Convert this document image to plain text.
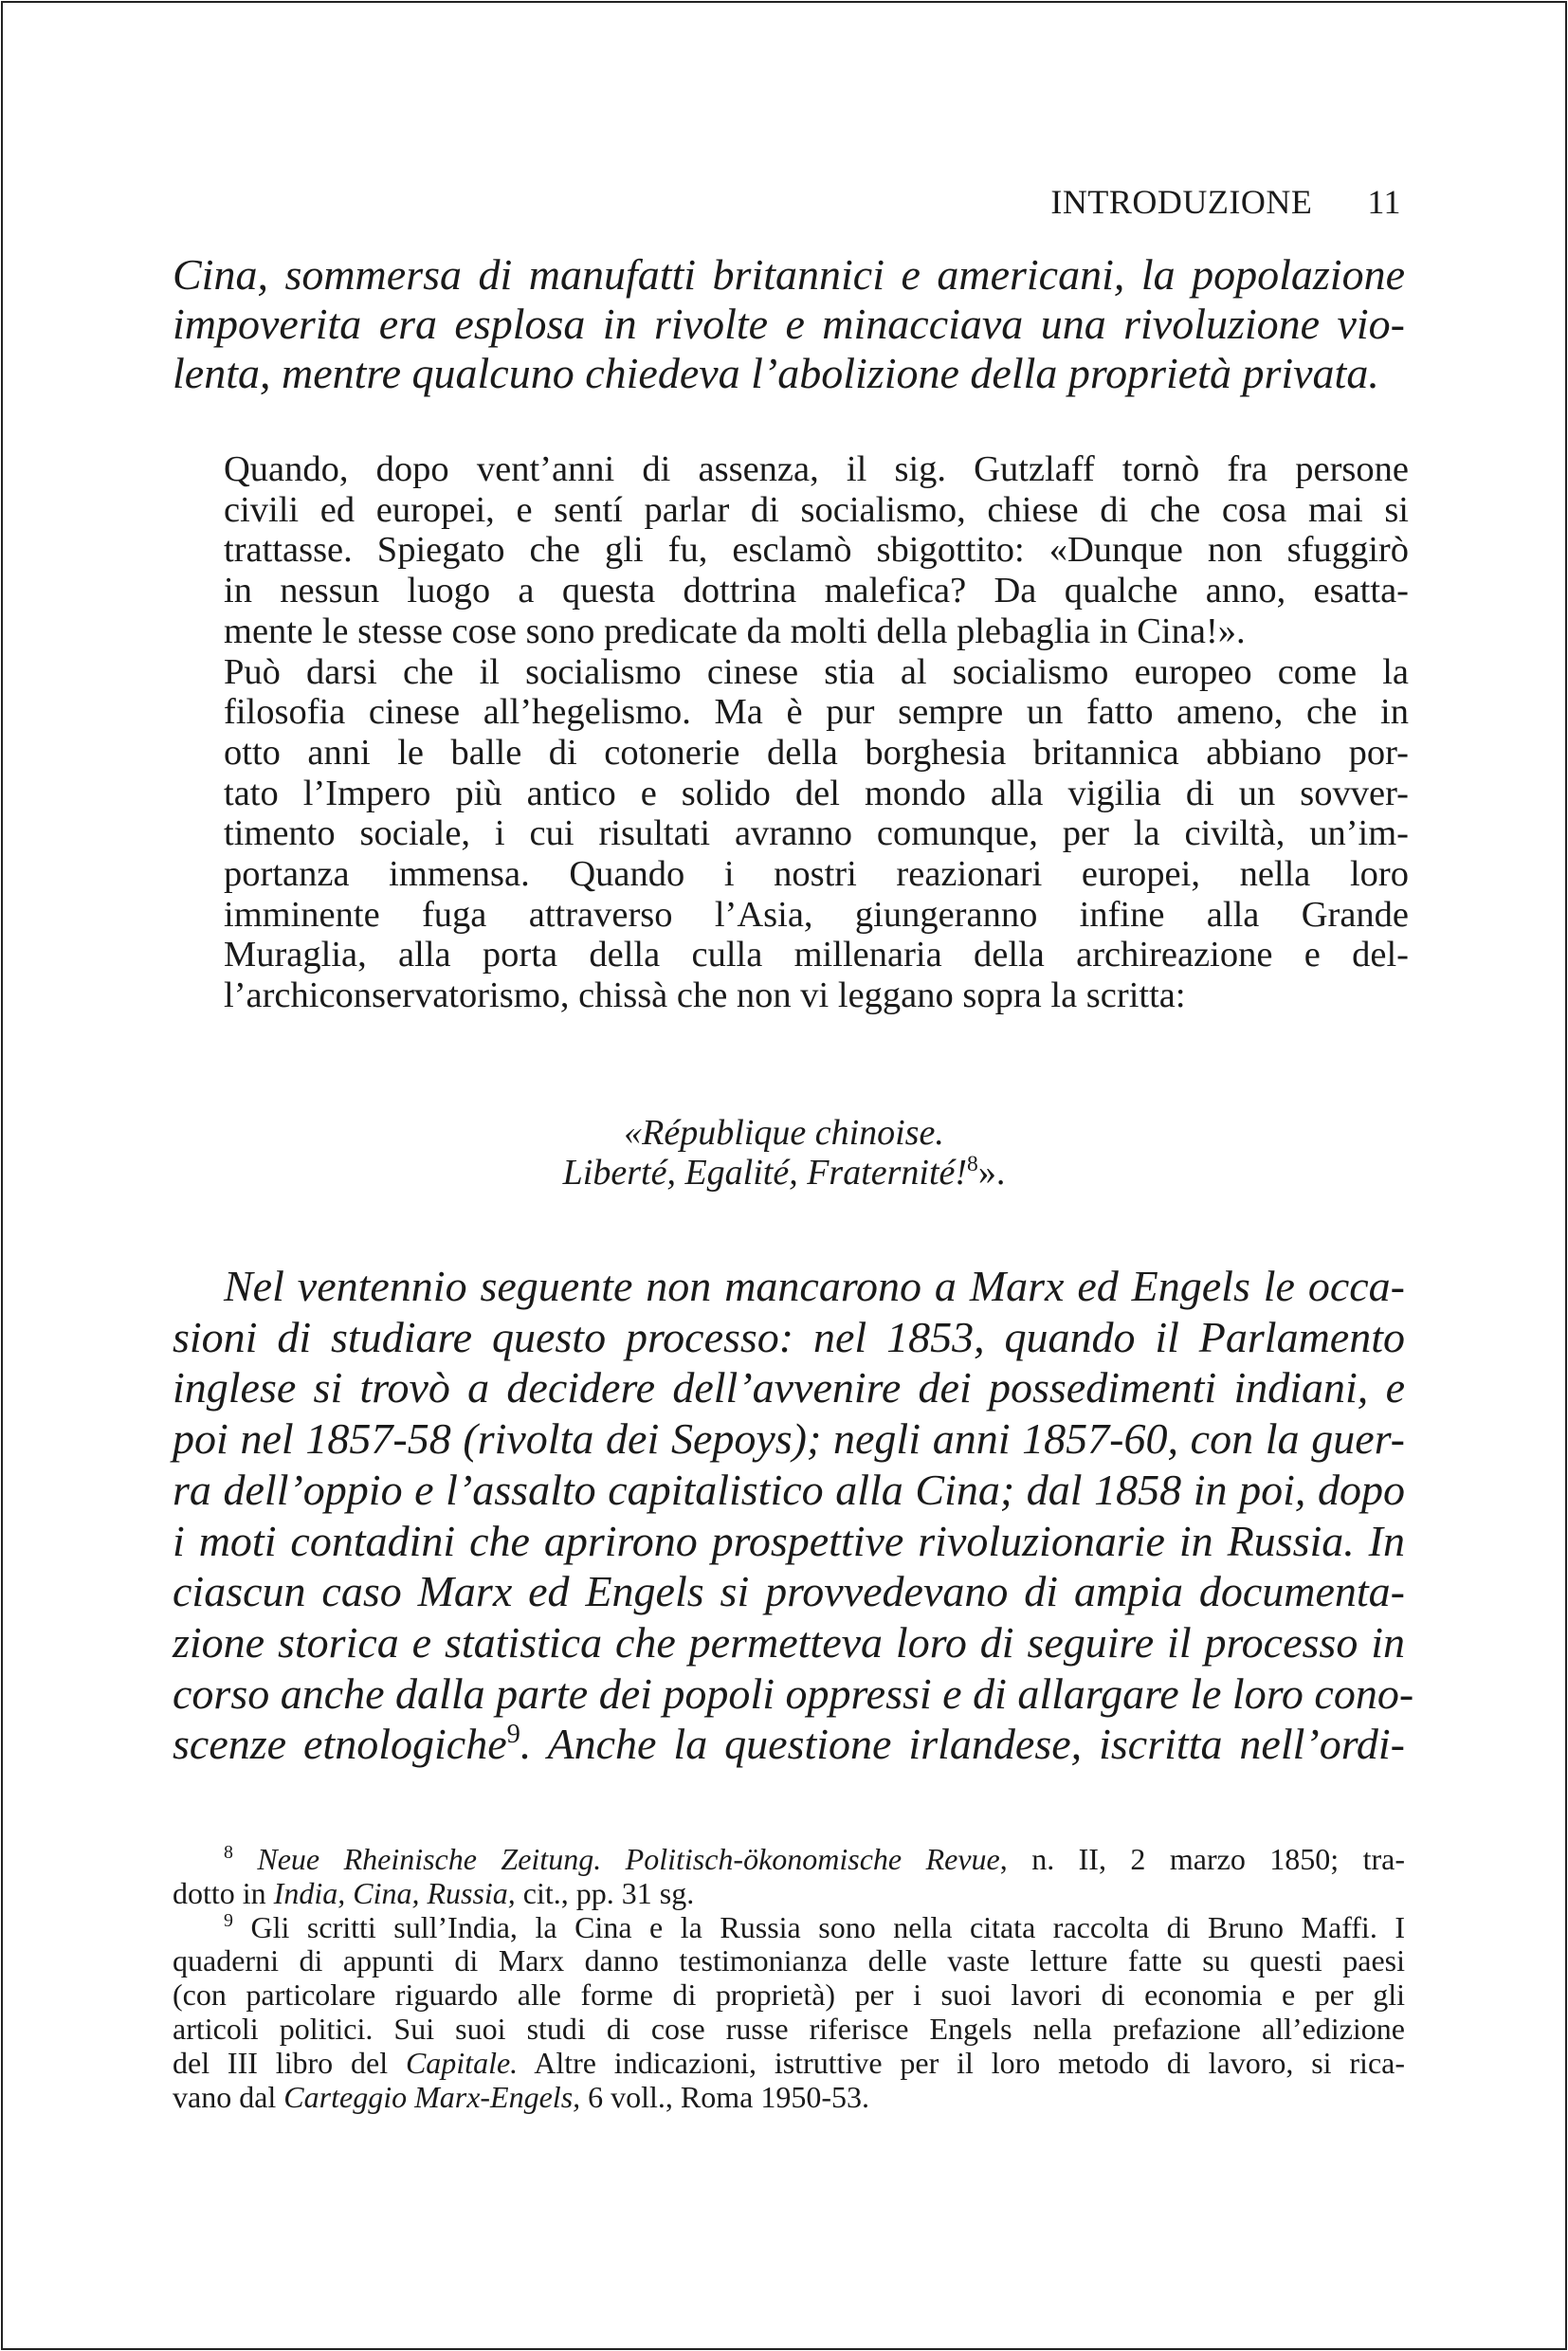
INTRODUZIONE 11
Cina, sommersa di manufatti britannici e americani, la popolazione
impoverita era esplosa in rivolte e minacciava una rivoluzione vio-
lenta, mentre qualcuno chiedeva l’abolizione della proprietà privata.
Quando, dopo vent’anni di assenza, il sig. Gutzlaff tornò fra persone
civili ed europei, e sentí parlar di socialismo, chiese di che cosa mai si
trattasse. Spiegato che gli fu, esclamò sbigottito: «Dunque non sfuggirò
in nessun luogo a questa dottrina malefica? Da qualche anno, esatta-
mente le stesse cose sono predicate da molti della plebaglia in Cina!».
Può darsi che il socialismo cinese stia al socialismo europeo come la
filosofia cinese all’hegelismo. Ma è pur sempre un fatto ameno, che in
otto anni le balle di cotonerie della borghesia britannica abbiano por-
tato l’Impero più antico e solido del mondo alla vigilia di un sovver-
timento sociale, i cui risultati avranno comunque, per la civiltà, un’im-
portanza immensa. Quando i nostri reazionari europei, nella loro
imminente fuga attraverso l’Asia, giungeranno infine alla Grande
Muraglia, alla porta della culla millenaria della archireazione e del-
l’archiconservatorismo, chissà che non vi leggano sopra la scritta:
«République chinoise.
Liberté, Egalité, Fraternité!$^8$».
Nel ventennio seguente non mancarono a Marx ed Engels le occa-
sioni di studiare questo processo: nel 1853, quando il Parlamento
inglese si trovò a decidere dell’avvenire dei possedimenti indiani, e
poi nel 1857-58 (rivolta dei Sepoys); negli anni 1857-60, con la guer-
ra dell’oppio e l’assalto capitalistico alla Cina; dal 1858 in poi, dopo
i moti contadini che aprirono prospettive rivoluzionarie in Russia. In
ciascun caso Marx ed Engels si provvedevano di ampia documenta-
zione storica e statistica che permetteva loro di seguire il processo in
corso anche dalla parte dei popoli oppressi e di allargare le loro cono-
scenze etnologiche$^9$. Anche la questione irlandese, iscritta nell’ordi-
$^8$ Neue Rheinische Zeitung. Politisch-ökonomische Revue, n. II, 2 marzo 1850; tra-
dotto in India, Cina, Russia, cit., pp. 31 sg.
$^9$ Gli scritti sull’India, la Cina e la Russia sono nella citata raccolta di Bruno Maffi. I
quaderni di appunti di Marx danno testimonianza delle vaste letture fatte su questi paesi
(con particolare riguardo alle forme di proprietà) per i suoi lavori di economia e per gli
articoli politici. Sui suoi studi di cose russe riferisce Engels nella prefazione all’edizione
del III libro del Capitale. Altre indicazioni, istruttive per il loro metodo di lavoro, si rica-
vano dal Carteggio Marx-Engels, 6 voll., Roma 1950-53.
